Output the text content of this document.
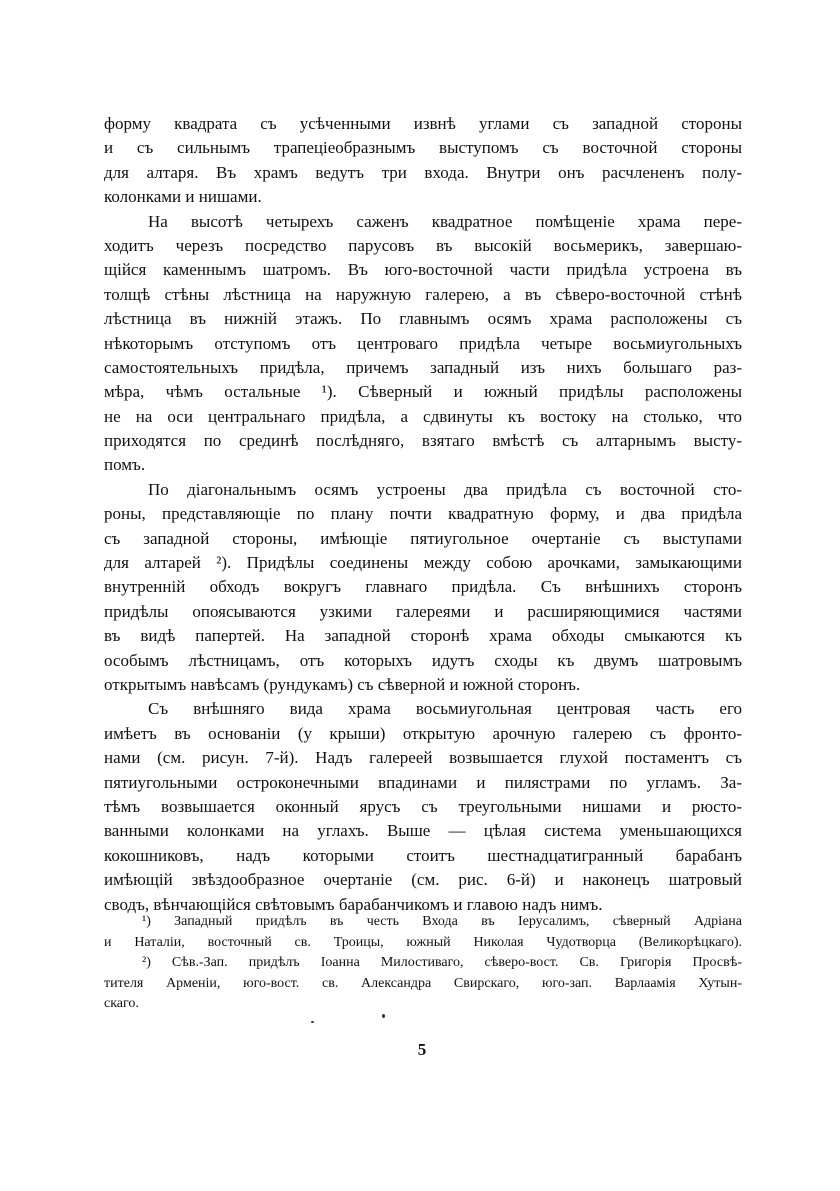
форму квадрата съ усѣченными извнѣ углами съ западной стороны
и съ сильнымъ трапецiеобразнымъ выступомъ съ восточной стороны
для алтаря. Въ храмъ ведутъ три входа. Внутри онъ расчлененъ полу-
колонками и нишами.
На высотѣ четырехъ саженъ квадратное помѣщенiе храма пере-
ходитъ черезъ посредство парусовъ въ высокiй восьмерикъ, завершаю-
щiйся каменнымъ шатромъ. Въ юго-восточной части придѣла устроена въ
толщѣ стѣны лѣстница на наружную галерею, а въ сѣверо-восточной стѣнѣ
лѣстница въ нижнiй этажъ. По главнымъ осямъ храма расположены съ
нѣкоторымъ отступомъ отъ центроваго придѣла четыре восьмиугольныхъ
самостоятельныхъ придѣла, причемъ западный изъ нихъ большаго раз-
мѣра, чѣмъ остальные ¹). Сѣверный и южный придѣлы расположены
не на оси центральнаго придѣла, а сдвинуты къ востоку на столько, что
приходятся по срединѣ послѣдняго, взятаго вмѣстѣ съ алтарнымъ высту-
помъ.
По дiагональнымъ осямъ устроены два придѣла съ восточной сто-
роны, представляющiе по плану почти квадратную форму, и два придѣла
съ западной стороны, имѣющiе пятиугольное очертанiе съ выступами
для алтарей ²). Придѣлы соединены между собою арочками, замыкающими
внутреннiй обходъ вокругъ главнаго придѣла. Съ внѣшнихъ сторонъ
придѣлы опоясываются узкими галереями и расширяющимися частями
въ видѣ папертей. На западной сторонѣ храма обходы смыкаются къ
особымъ лѣстницамъ, отъ которыхъ идутъ сходы къ двумъ шатровымъ
открытымъ навѣсамъ (рундукамъ) съ сѣверной и южной сторонъ.
Съ внѣшняго вида храма восьмиугольная центровая часть его
имѣетъ въ основанiи (у крыши) открытую арочную галерею съ фронто-
нами (см. рисун. 7-й). Надъ галереей возвышается глухой постаментъ съ
пятиугольными остроконечными впадинами и пилястрами по угламъ. За-
тѣмъ возвышается оконный ярусъ съ треугольными нишами и рюсто-
ванными колонками на углахъ. Выше — цѣлая система уменьшающихся
кокошниковъ, надъ которыми стоитъ шестнадцатигранный барабанъ
имѣющiй звѣздообразное очертанiе (см. рис. 6-й) и наконецъ шатровый
сводъ, вѣнчающiйся свѣтовымъ барабанчикомъ и главою надъ нимъ.
¹) Западный придѣлъ въ честь Входа въ Iерусалимъ, сѣверный Адрiана
и Наталiи, восточный св. Троицы, южный Николая Чудотворца (Великорѣцкаго).
²) Сѣв.-Зап. придѣлъ Iоанна Милостиваго, сѣверо-вост. Св. Григорiя Просвѣ-
тителя Арменiи, юго-вост. св. Александра Свирскаго, юго-зап. Варлаамiя Хутын-
скаго.
5
